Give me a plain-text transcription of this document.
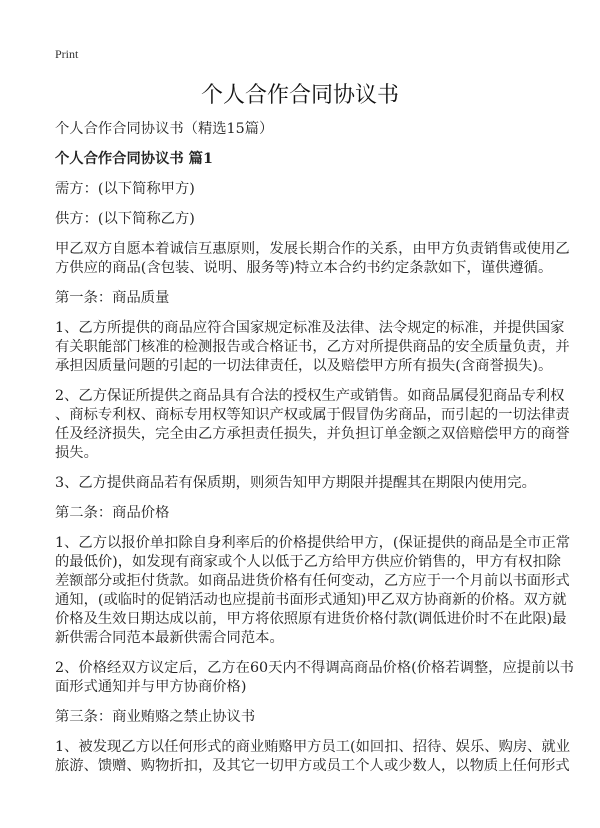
Print
个人合作合同协议书
个人合作合同协议书（精选15篇）
个人合作合同协议书 篇1
需方：(以下简称甲方)
供方：(以下简称乙方)
甲乙双方自愿本着诚信互惠原则，发展长期合作的关系，由甲方负责销售或使用乙
方供应的商品(含包装、说明、服务等)特立本合约书约定条款如下，谨供遵循。
第一条：商品质量
1、乙方所提供的商品应符合国家规定标准及法律、法令规定的标准，并提供国家
有关职能部门核准的检测报告或合格证书，乙方对所提供商品的安全质量负责，并
承担因质量问题的引起的一切法律责任，以及赔偿甲方所有损失(含商誉损失)。
2、乙方保证所提供之商品具有合法的授权生产或销售。如商品属侵犯商品专利权
、商标专利权、商标专用权等知识产权或属于假冒伪劣商品，而引起的一切法律责
任及经济损失，完全由乙方承担责任损失，并负担订单金额之双倍赔偿甲方的商誉
损失。
3、乙方提供商品若有保质期，则须告知甲方期限并提醒其在期限内使用完。
第二条：商品价格
1、乙方以报价单扣除自身利率后的价格提供给甲方，(保证提供的商品是全市正常
的最低价)，如发现有商家或个人以低于乙方给甲方供应价销售的，甲方有权扣除
差额部分或拒付货款。如商品进货价格有任何变动，乙方应于一个月前以书面形式
通知，(或临时的促销活动也应提前书面形式通知)甲乙双方协商新的价格。双方就
价格及生效日期达成以前，甲方将依照原有进货价格付款(调低进价时不在此限)最
新供需合同范本最新供需合同范本。
2、价格经双方议定后，乙方在60天内不得调高商品价格(价格若调整，应提前以书
面形式通知并与甲方协商价格)
第三条：商业贿赂之禁止协议书
1、被发现乙方以任何形式的商业贿赂甲方员工(如回扣、招待、娱乐、购房、就业
旅游、馈赠、购物折扣，及其它一切甲方或员工个人或少数人，以物质上任何形式
